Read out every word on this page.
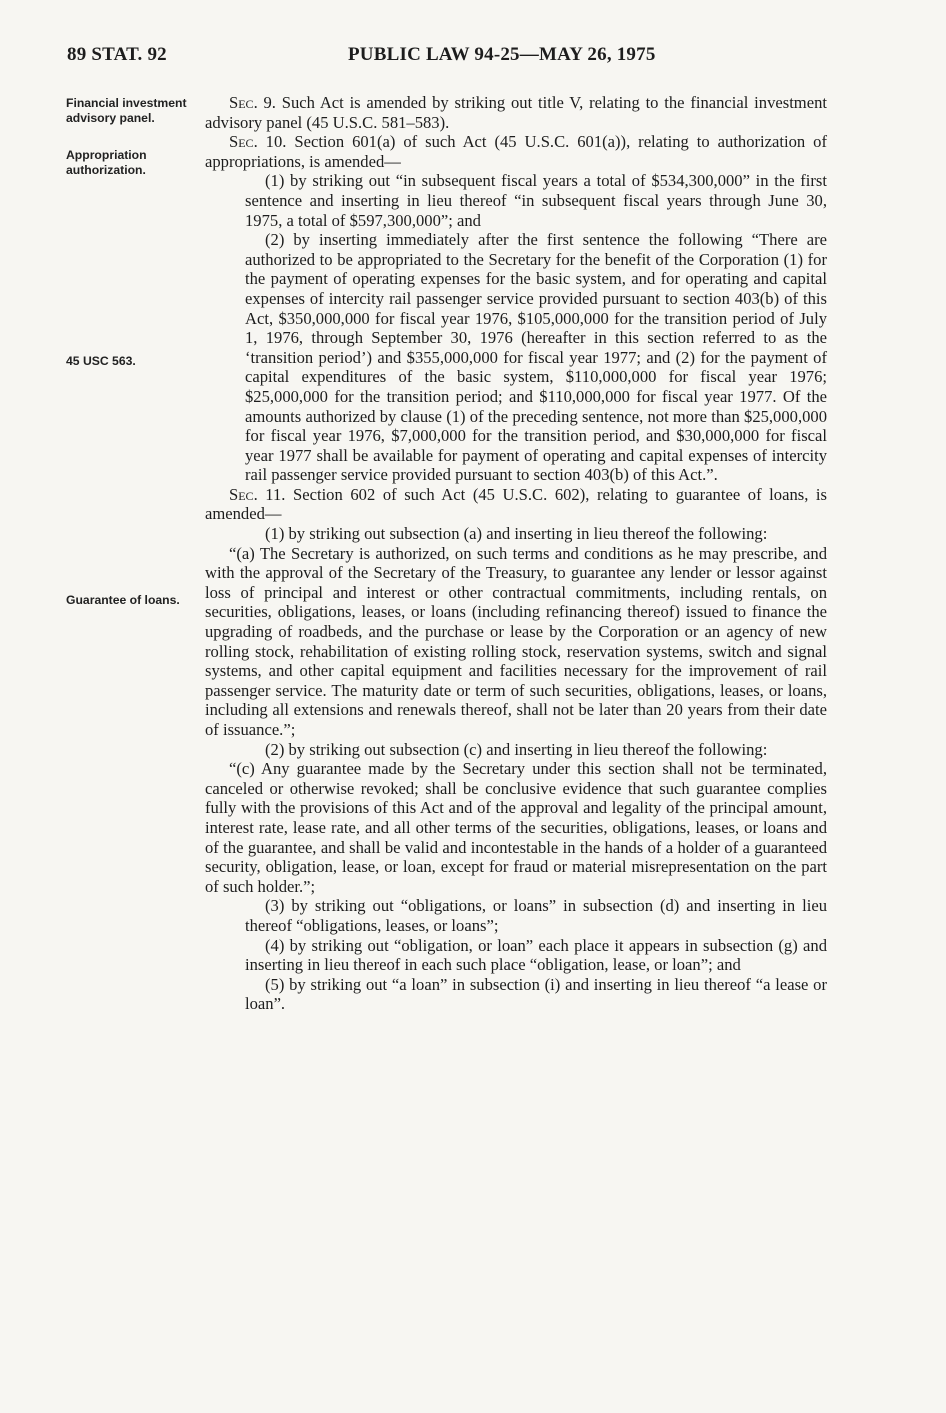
89 STAT. 92	PUBLIC LAW 94-25—MAY 26, 1975
Financial investment advisory panel.
Appropriation authorization.
45 USC 563.
Guarantee of loans.

Sec. 9. Such Act is amended by striking out title V, relating to the financial investment advisory panel (45 U.S.C. 581–583).

Sec. 10. Section 601(a) of such Act (45 U.S.C. 601(a)), relating to authorization of appropriations, is amended—

(1) by striking out “in subsequent fiscal years a total of $534,300,000” in the first sentence and inserting in lieu thereof “in subsequent fiscal years through June 30, 1975, a total of $597,300,000”; and

(2) by inserting immediately after the first sentence the following “There are authorized to be appropriated to the Secretary for the benefit of the Corporation (1) for the payment of operating expenses for the basic system, and for operating and capital expenses of intercity rail passenger service provided pursuant to section 403(b) of this Act, $350,000,000 for fiscal year 1976, $105,000,000 for the transition period of July 1, 1976, through September 30, 1976 (hereafter in this section referred to as the ‘transition period’) and $355,000,000 for fiscal year 1977; and (2) for the payment of capital expenditures of the basic system, $110,000,000 for fiscal year 1976; $25,000,000 for the transition period; and $110,000,000 for fiscal year 1977. Of the amounts authorized by clause (1) of the preceding sentence, not more than $25,000,000 for fiscal year 1976, $7,000,000 for the transition period, and $30,000,000 for fiscal year 1977 shall be available for payment of operating and capital expenses of intercity rail passenger service provided pursuant to section 403(b) of this Act.”.

Sec. 11. Section 602 of such Act (45 U.S.C. 602), relating to guarantee of loans, is amended—

(1) by striking out subsection (a) and inserting in lieu thereof the following:

“(a) The Secretary is authorized, on such terms and conditions as he may prescribe, and with the approval of the Secretary of the Treasury, to guarantee any lender or lessor against loss of principal and interest or other contractual commitments, including rentals, on securities, obligations, leases, or loans (including refinancing thereof) issued to finance the upgrading of roadbeds, and the purchase or lease by the Corporation or an agency of new rolling stock, rehabilitation of existing rolling stock, reservation systems, switch and signal systems, and other capital equipment and facilities necessary for the improvement of rail passenger service. The maturity date or term of such securities, obligations, leases, or loans, including all extensions and renewals thereof, shall not be later than 20 years from their date of issuance.”;

(2) by striking out subsection (c) and inserting in lieu thereof the following:

“(c) Any guarantee made by the Secretary under this section shall not be terminated, canceled or otherwise revoked; shall be conclusive evidence that such guarantee complies fully with the provisions of this Act and of the approval and legality of the principal amount, interest rate, lease rate, and all other terms of the securities, obligations, leases, or loans and of the guarantee, and shall be valid and incontestable in the hands of a holder of a guaranteed security, obligation, lease, or loan, except for fraud or material misrepresentation on the part of such holder.”;

(3) by striking out “obligations, or loans” in subsection (d) and inserting in lieu thereof “obligations, leases, or loans”;

(4) by striking out “obligation, or loan” each place it appears in subsection (g) and inserting in lieu thereof in each such place “obligation, lease, or loan”; and

(5) by striking out “a loan” in subsection (i) and inserting in lieu thereof “a lease or loan”.
